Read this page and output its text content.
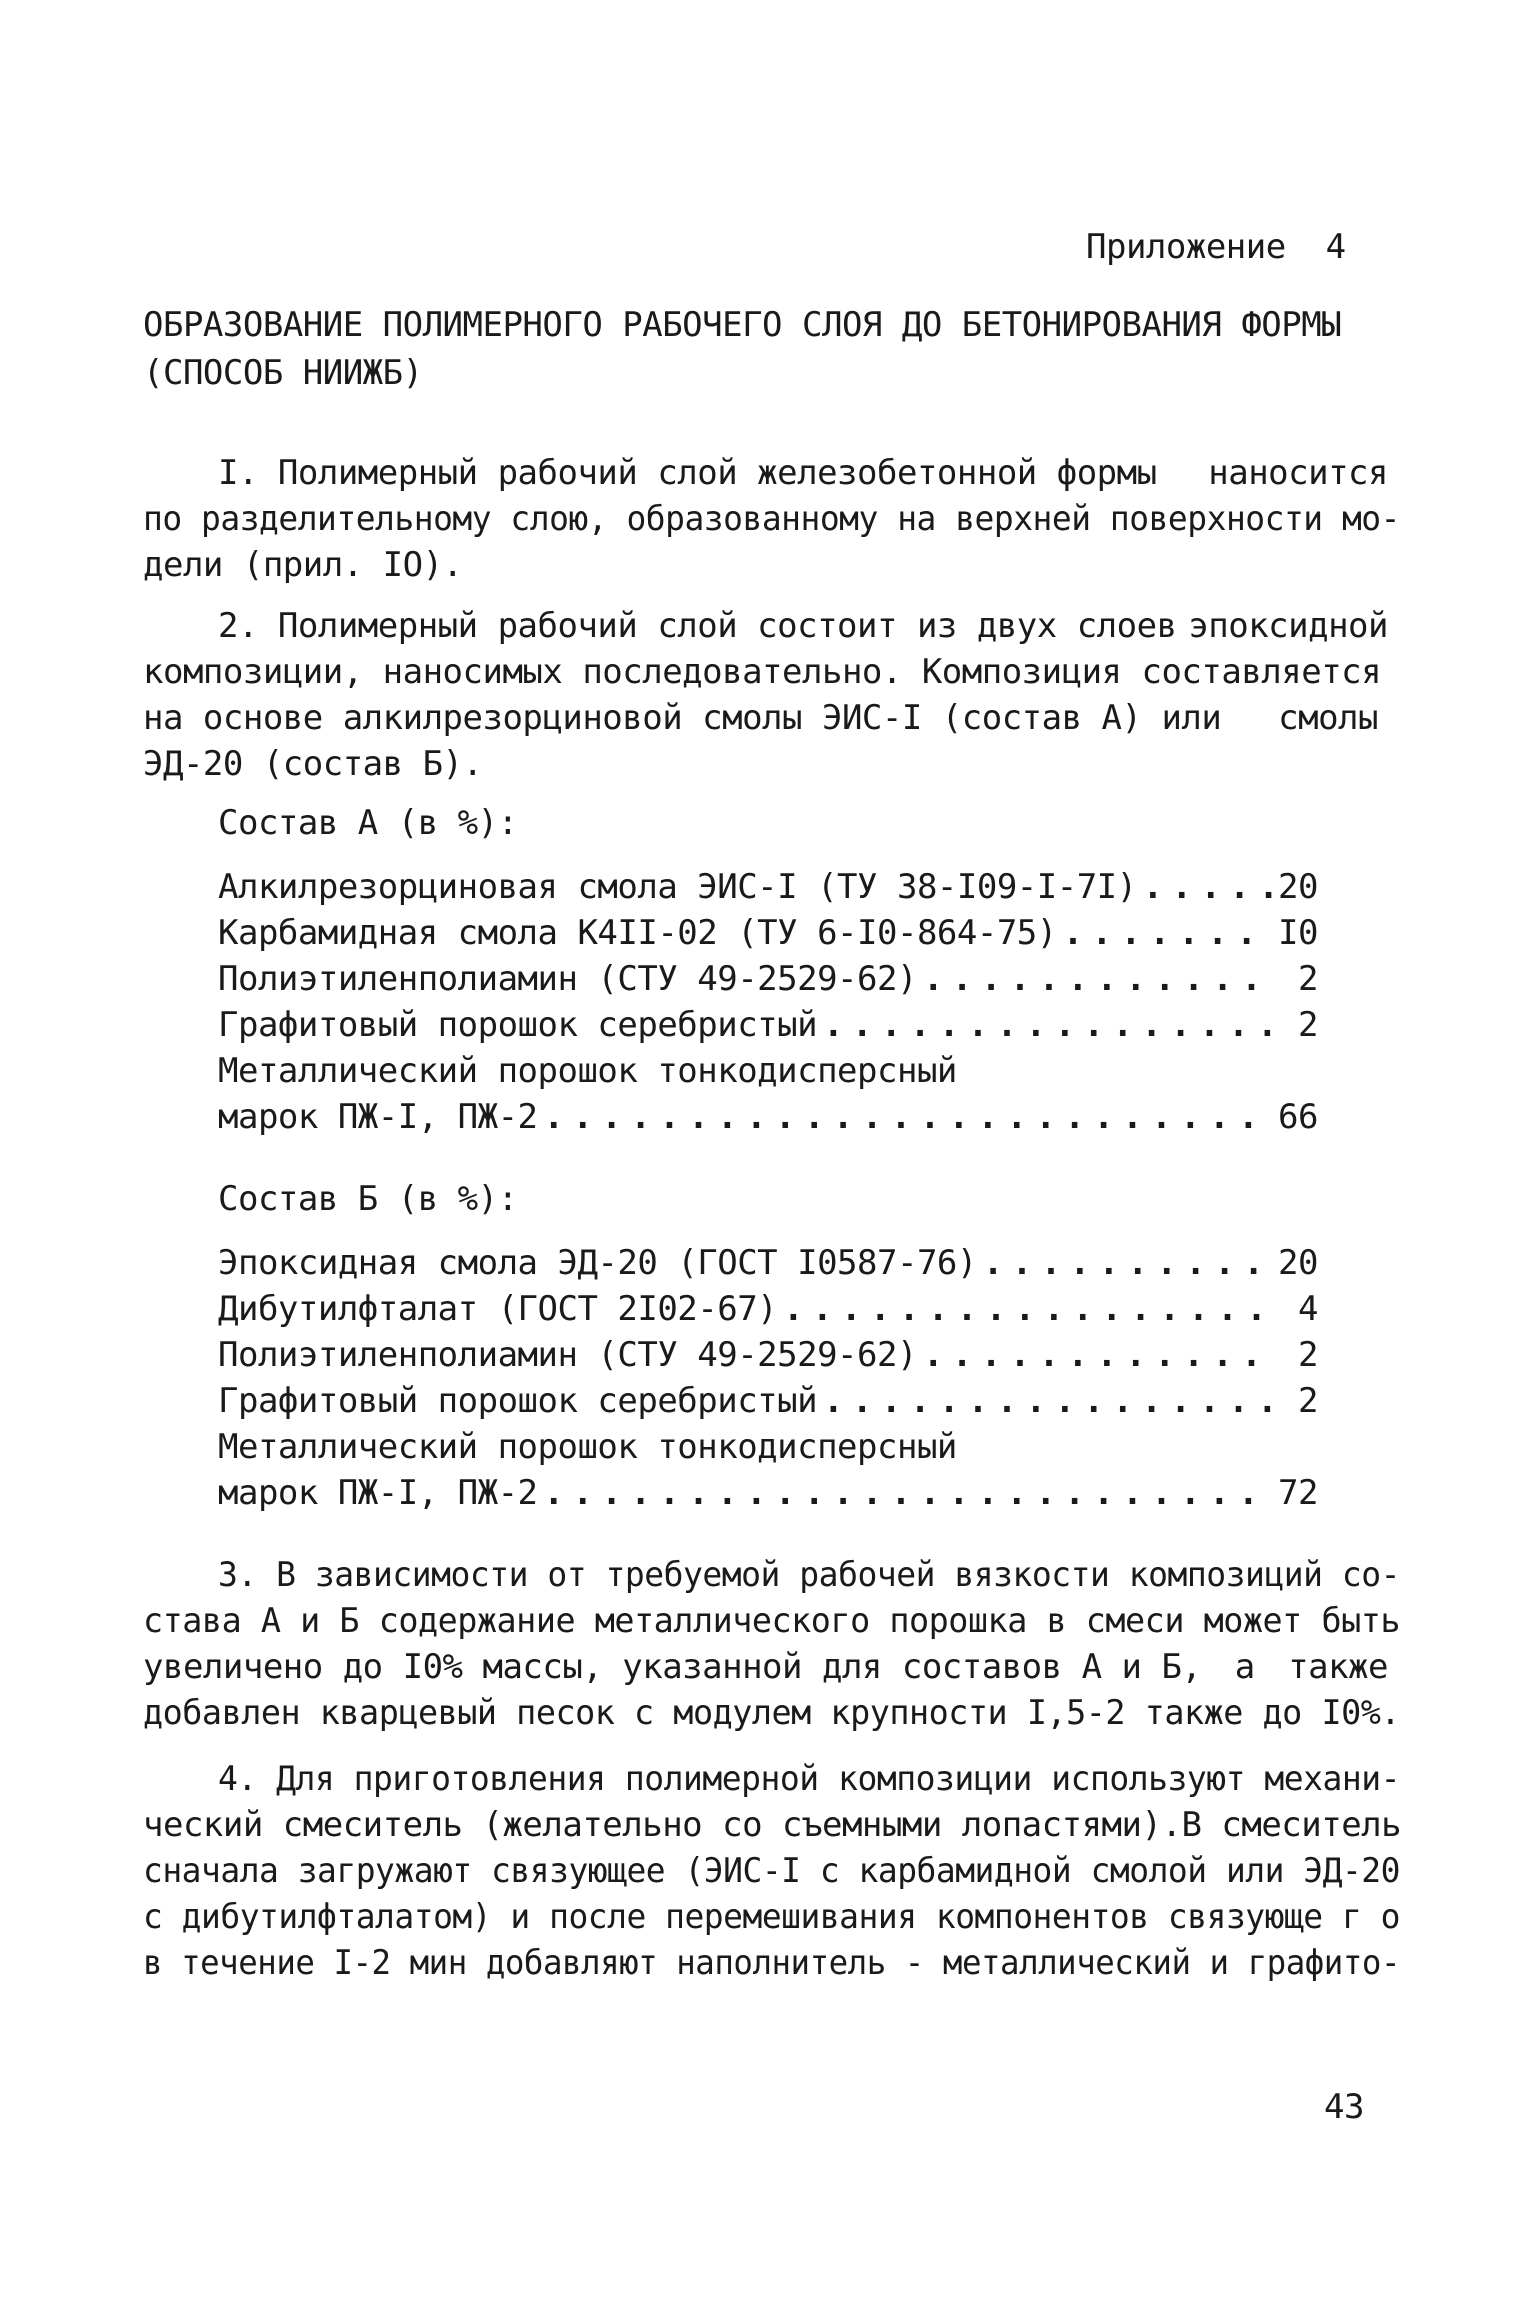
Приложение  4
ОБРАЗОВАНИЕ ПОЛИМЕРНОГО РАБОЧЕГО СЛОЯ ДО БЕТОНИРОВАНИЯ ФОРМЫ
(СПОСОБ НИИЖБ)
I. Полимерный рабочий слой железобетонной формы наносится
по разделительному слою, образованному на верхней поверхности мо-
дели (прил. IO).
2. Полимерный рабочий слой состоит из двух слоев эпоксидной
композиции, наносимых последовательно. Композиция составляется
на основе алкилрезорциновой смолы ЭИС-I (состав А) или смолы
ЭД-20 (состав Б).
Состав А (в %):
Алкилрезорциновая смола ЭИС-I (ТУ 38-I09-I-7I) . . .	20
Карбамидная смола К4II-02 (ТУ 6-I0-864-75) . . .	I0
Полиэтиленполиамин (СТУ 49-2529-62) . . .	2
Графитовый порошок серебристый . . .	2
Металлический порошок тонкодисперсный
марок ПЖ-I, ПЖ-2 . . .	66
Состав Б (в %):
Эпоксидная смола ЭД-20 (ГОСТ I0587-76) . . .	20
Дибутилфталат (ГОСТ 2I02-67) . . .	4
Полиэтиленполиамин (СТУ 49-2529-62) . . .	2
Графитовый порошок серебристый . . .	2
Металлический порошок тонкодисперсный
марок ПЖ-I, ПЖ-2 . . .	72
3. В зависимости от требуемой рабочей вязкости композиций со-
става А и Б содержание металлического порошка в смеси может быть
увеличено до I0% массы, указанной для составов А и Б, а также
добавлен кварцевый песок с модулем крупности I,5-2 также до I0%.
4. Для приготовления полимерной композиции используют механи-
ческий смеситель (желательно со съемными лопастями). В смеситель
сначала загружают связующее (ЭИС-I с карбамидной смолой или ЭД-20
с дибутилфталатом) и после перемешивания компонентов связующе г о
в течение I-2 мин добавляют наполнитель - металлический и графито-
43
